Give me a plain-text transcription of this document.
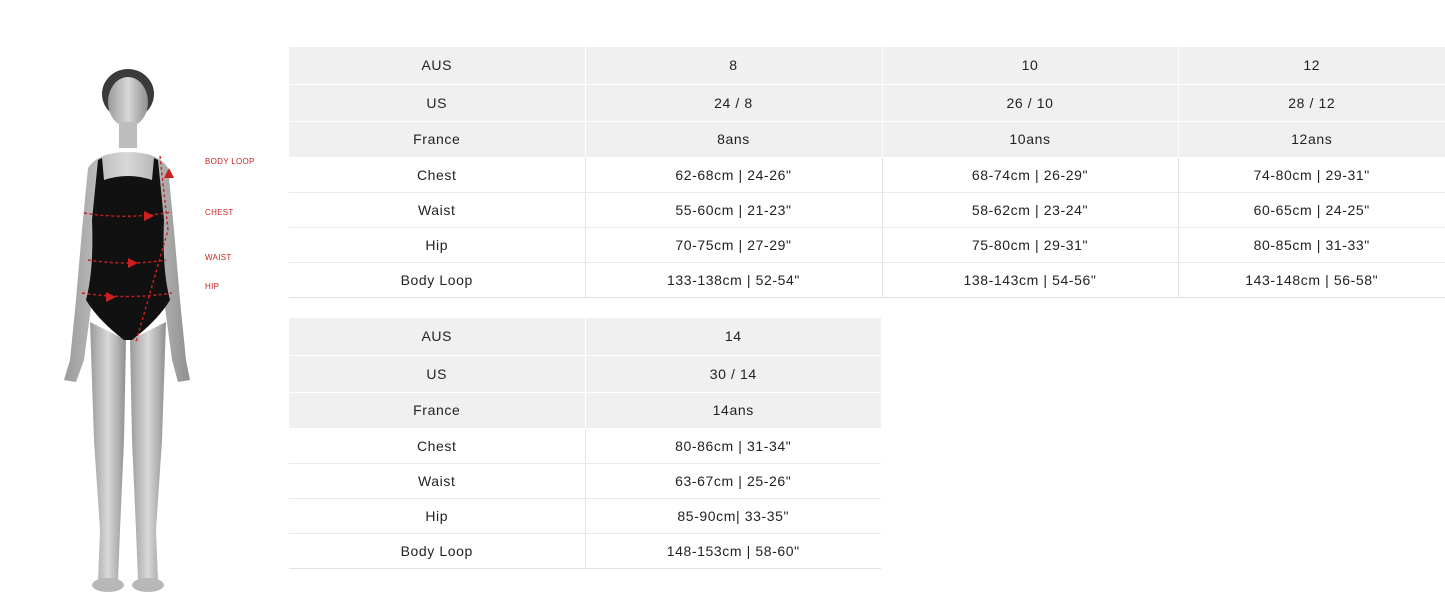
BODY LOOP
CHEST
WAIST
HIP
AUS	8	10	12
US	24 / 8	26 / 10	28 / 12
France	8ans	10ans	12ans
Chest	62-68cm | 24-26"	68-74cm | 26-29"	74-80cm | 29-31"
Waist	55-60cm | 21-23"	58-62cm | 23-24"	60-65cm | 24-25"
Hip	70-75cm | 27-29"	75-80cm | 29-31"	80-85cm | 31-33"
Body Loop	133-138cm | 52-54"	138-143cm | 54-56"	143-148cm | 56-58"
AUS	14
US	30 / 14
France	14ans
Chest	80-86cm | 31-34"
Waist	63-67cm | 25-26"
Hip	85-90cm| 33-35"
Body Loop	148-153cm | 58-60"
